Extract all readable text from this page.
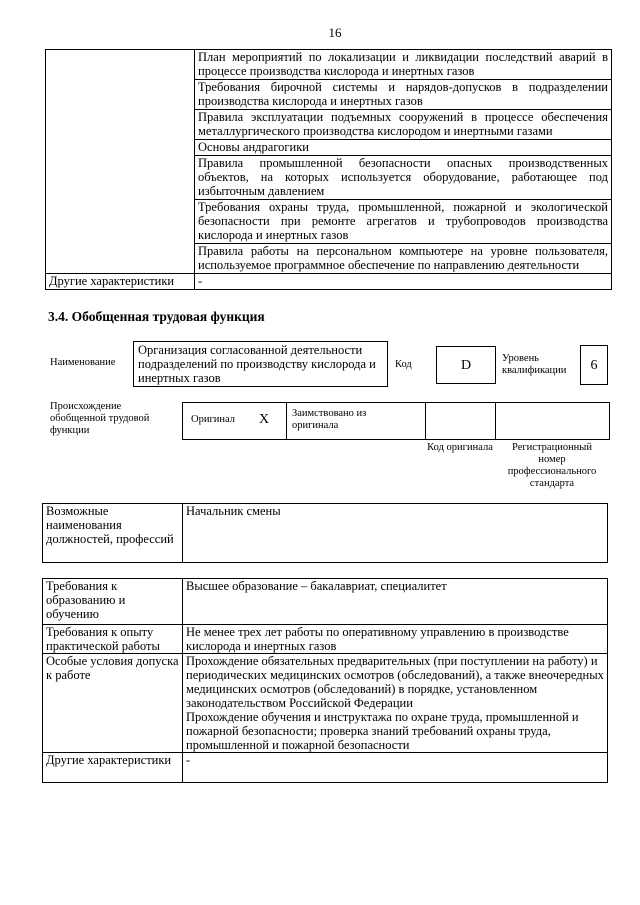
16

	План мероприятий по локализации и ликвидации последствий аварий в процессе производства кислорода и инертных газов

	Требования бирочной системы и нарядов-допусков в подразделении производства кислорода и инертных газов

	Правила эксплуатации подъемных сооружений в процессе обеспечения металлургического производства кислородом и инертными газами

	Основы андрагогики

	Правила промышленной безопасности опасных производственных объектов, на которых используется оборудование, работающее под избыточным давлением

	Требования охраны труда, промышленной, пожарной и экологической безопасности при ремонте агрегатов и трубопроводов производства кислорода и инертных газов

	Правила работы на персональном компьютере на уровне пользователя, используемое программное обеспечение по направлению деятельности

Другие характеристики	-
3.4. Обобщенная трудовая функция
Наименование
Организация согласованной деятельности подразделений по производству кислорода и инертных газов
Код	D	Уровень квалификации	6
Происхождение обобщенной трудовой функции
Оригинал X Заимствовано из оригинала
Код оригинала	Регистрационный номер профессионального стандарта
Возможные наименования должностей, профессий	Начальник смены
Требования к образованию и обучению	Высшее образование – бакалавриат, специалитет

Требования к опыту практической работы	Не менее трех лет работы по оперативному управлению в производстве кислорода и инертных газов

Особые условия допуска к работе	Прохождение обязательных предварительных (при поступлении на работу) и периодических медицинских осмотров (обследований), а также внеочередных медицинских осмотров (обследований) в порядке, установленном законодательством Российской Федерации

Прохождение обучения и инструктажа по охране труда, промышленной и пожарной безопасности; проверка знаний требований охраны труда, промышленной и пожарной безопасности

Другие характеристики	-
